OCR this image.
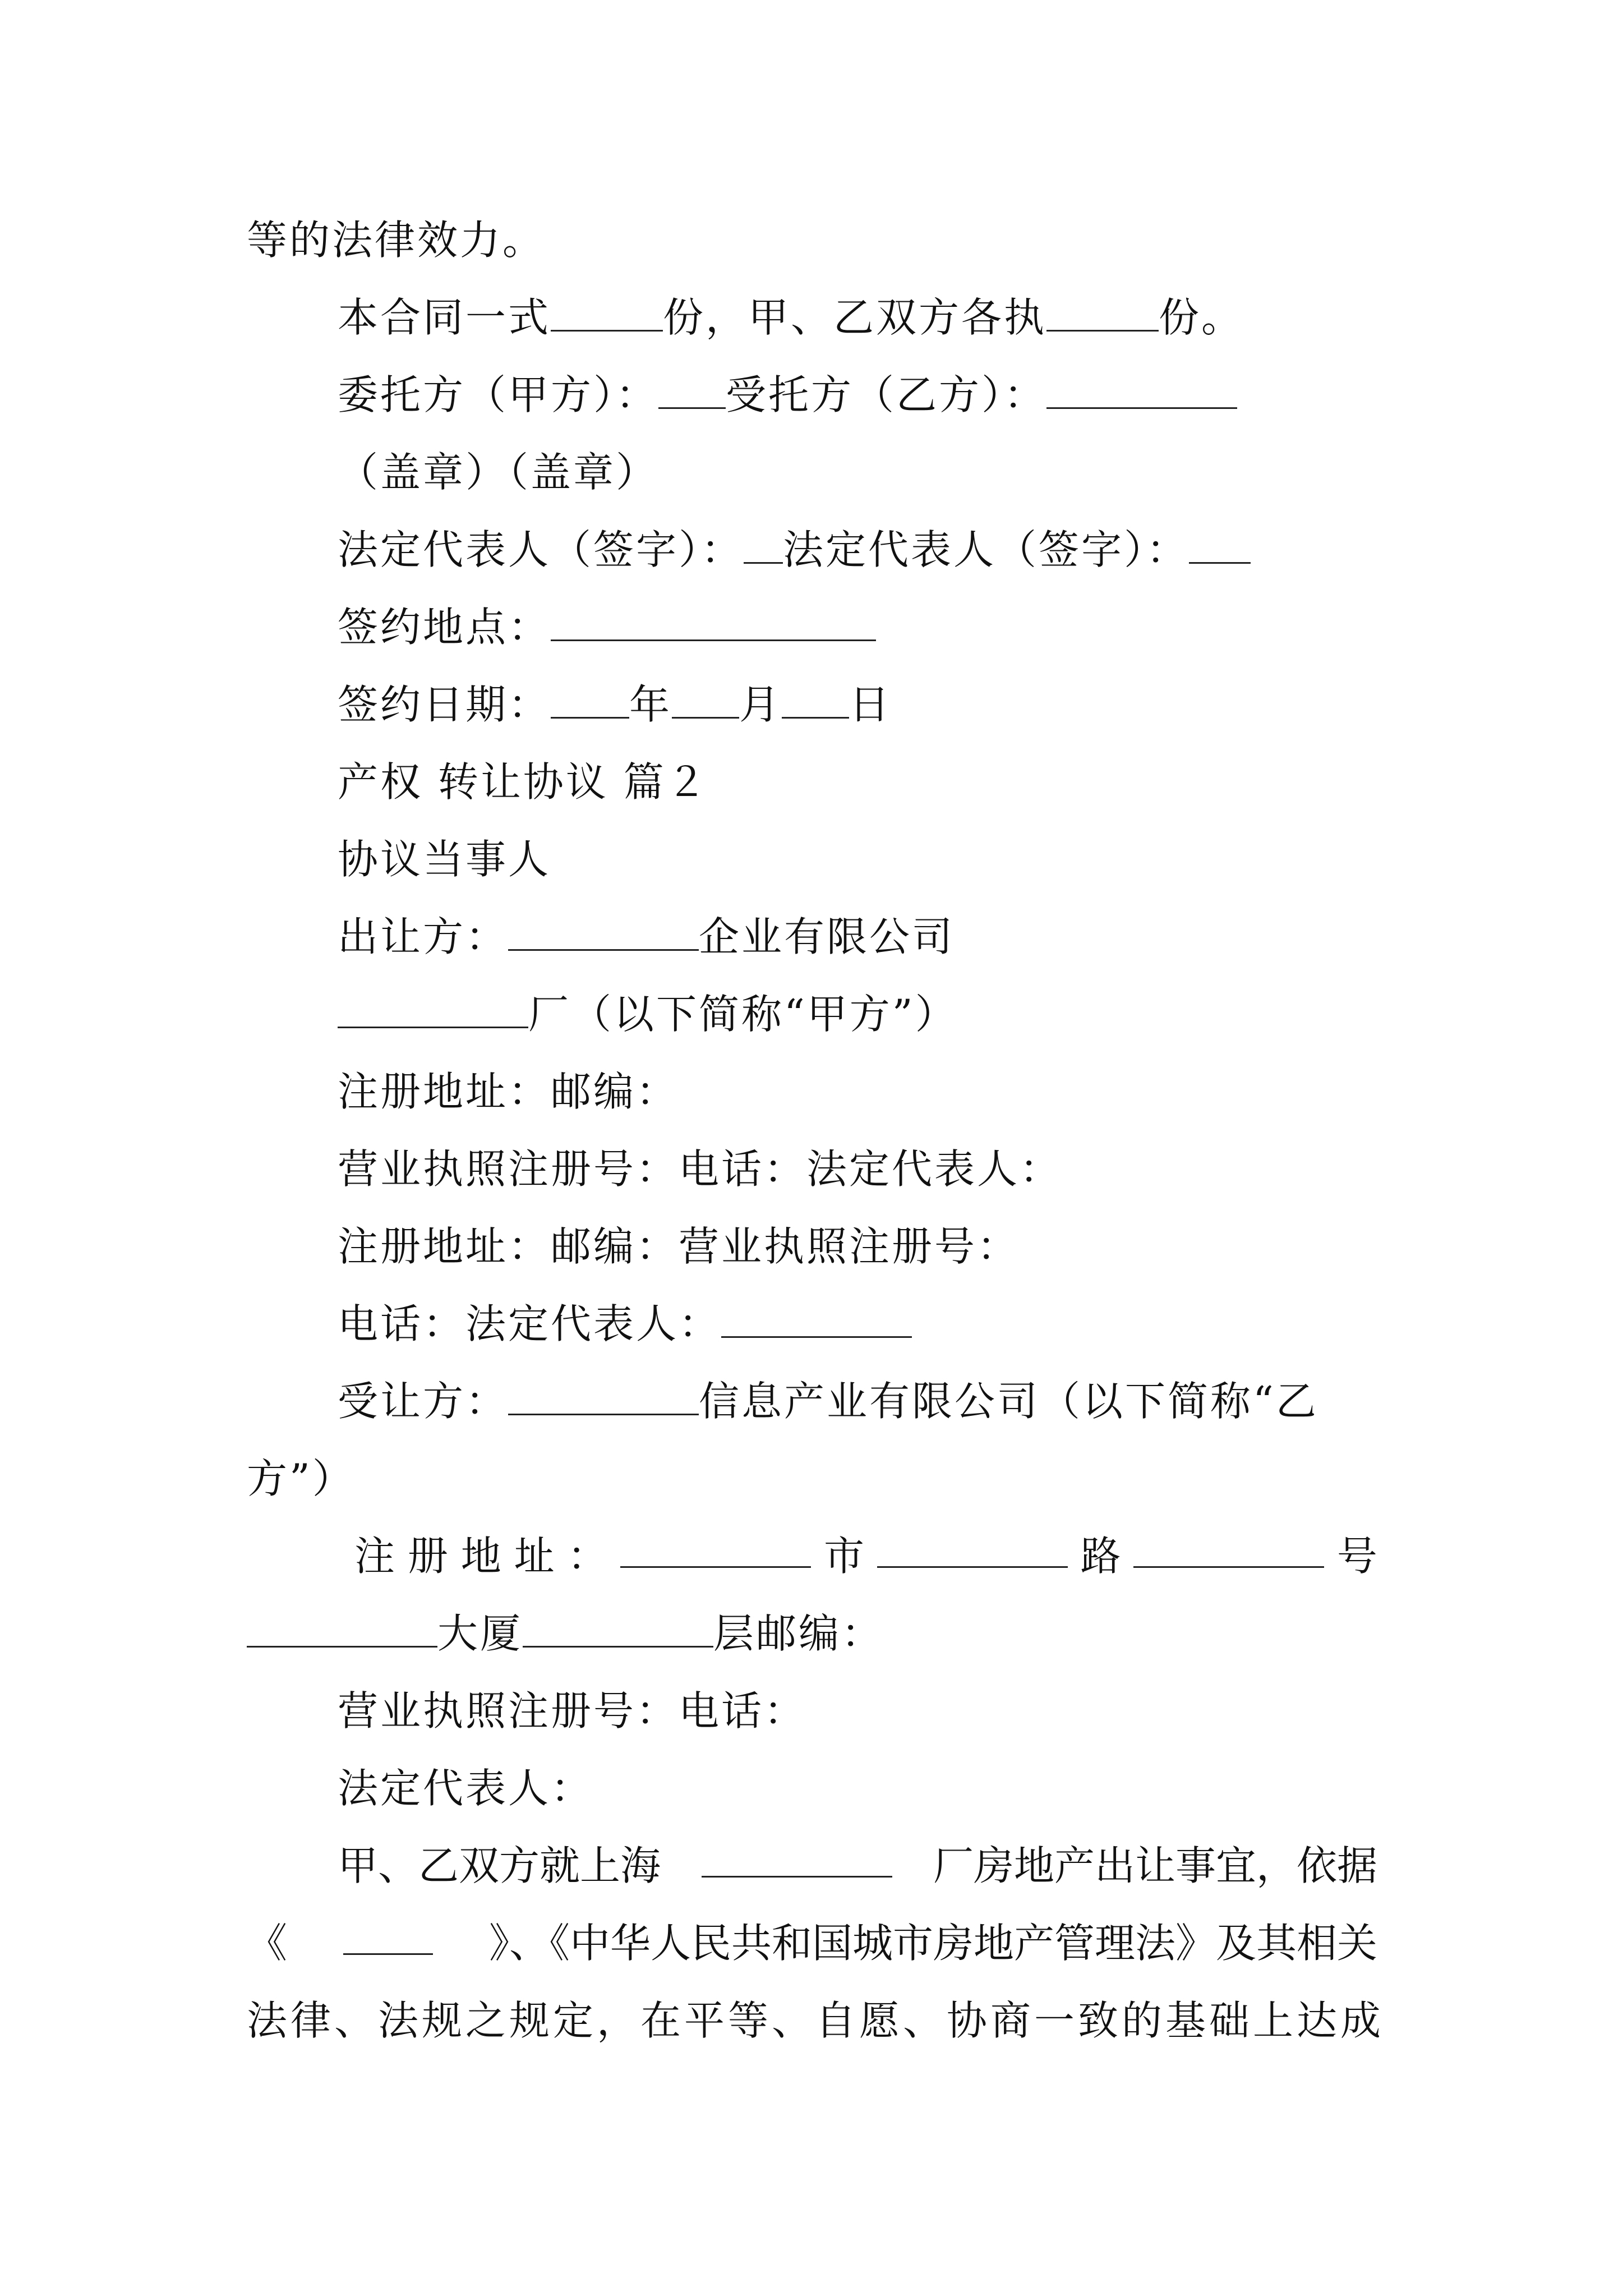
等的法律效力。
本合同一式	份，甲、乙双方各执	份。
委托方（甲方）： 受托方（乙方）：
（盖章）（盖章）
法定代表人（签字）： 法定代表人（签字）：
签约地点：
签约日期： 年 月 日
产权 转让协议 篇２
协议当事人
出让方：	企业有限公司
厂（以下简称“甲方”）
注册地址：邮编：
营业执照注册号：电话：法定代表人：
注册地址：邮编：营业执照注册号：
电话：法定代表人：
受让方：	信息产业有限公司（以下简称“乙
方”）
注 册 地 址 ：	市	路	号
大厦	层邮编：
营业执照注册号：电话：
法定代表人：
甲、乙双方就上海	厂房地产出让事宜，依据
《	》、《中华人民共和国城市房地产管理法》及其相关
法律、法规之规定，在平等、自愿、协商一致的基础上达成
